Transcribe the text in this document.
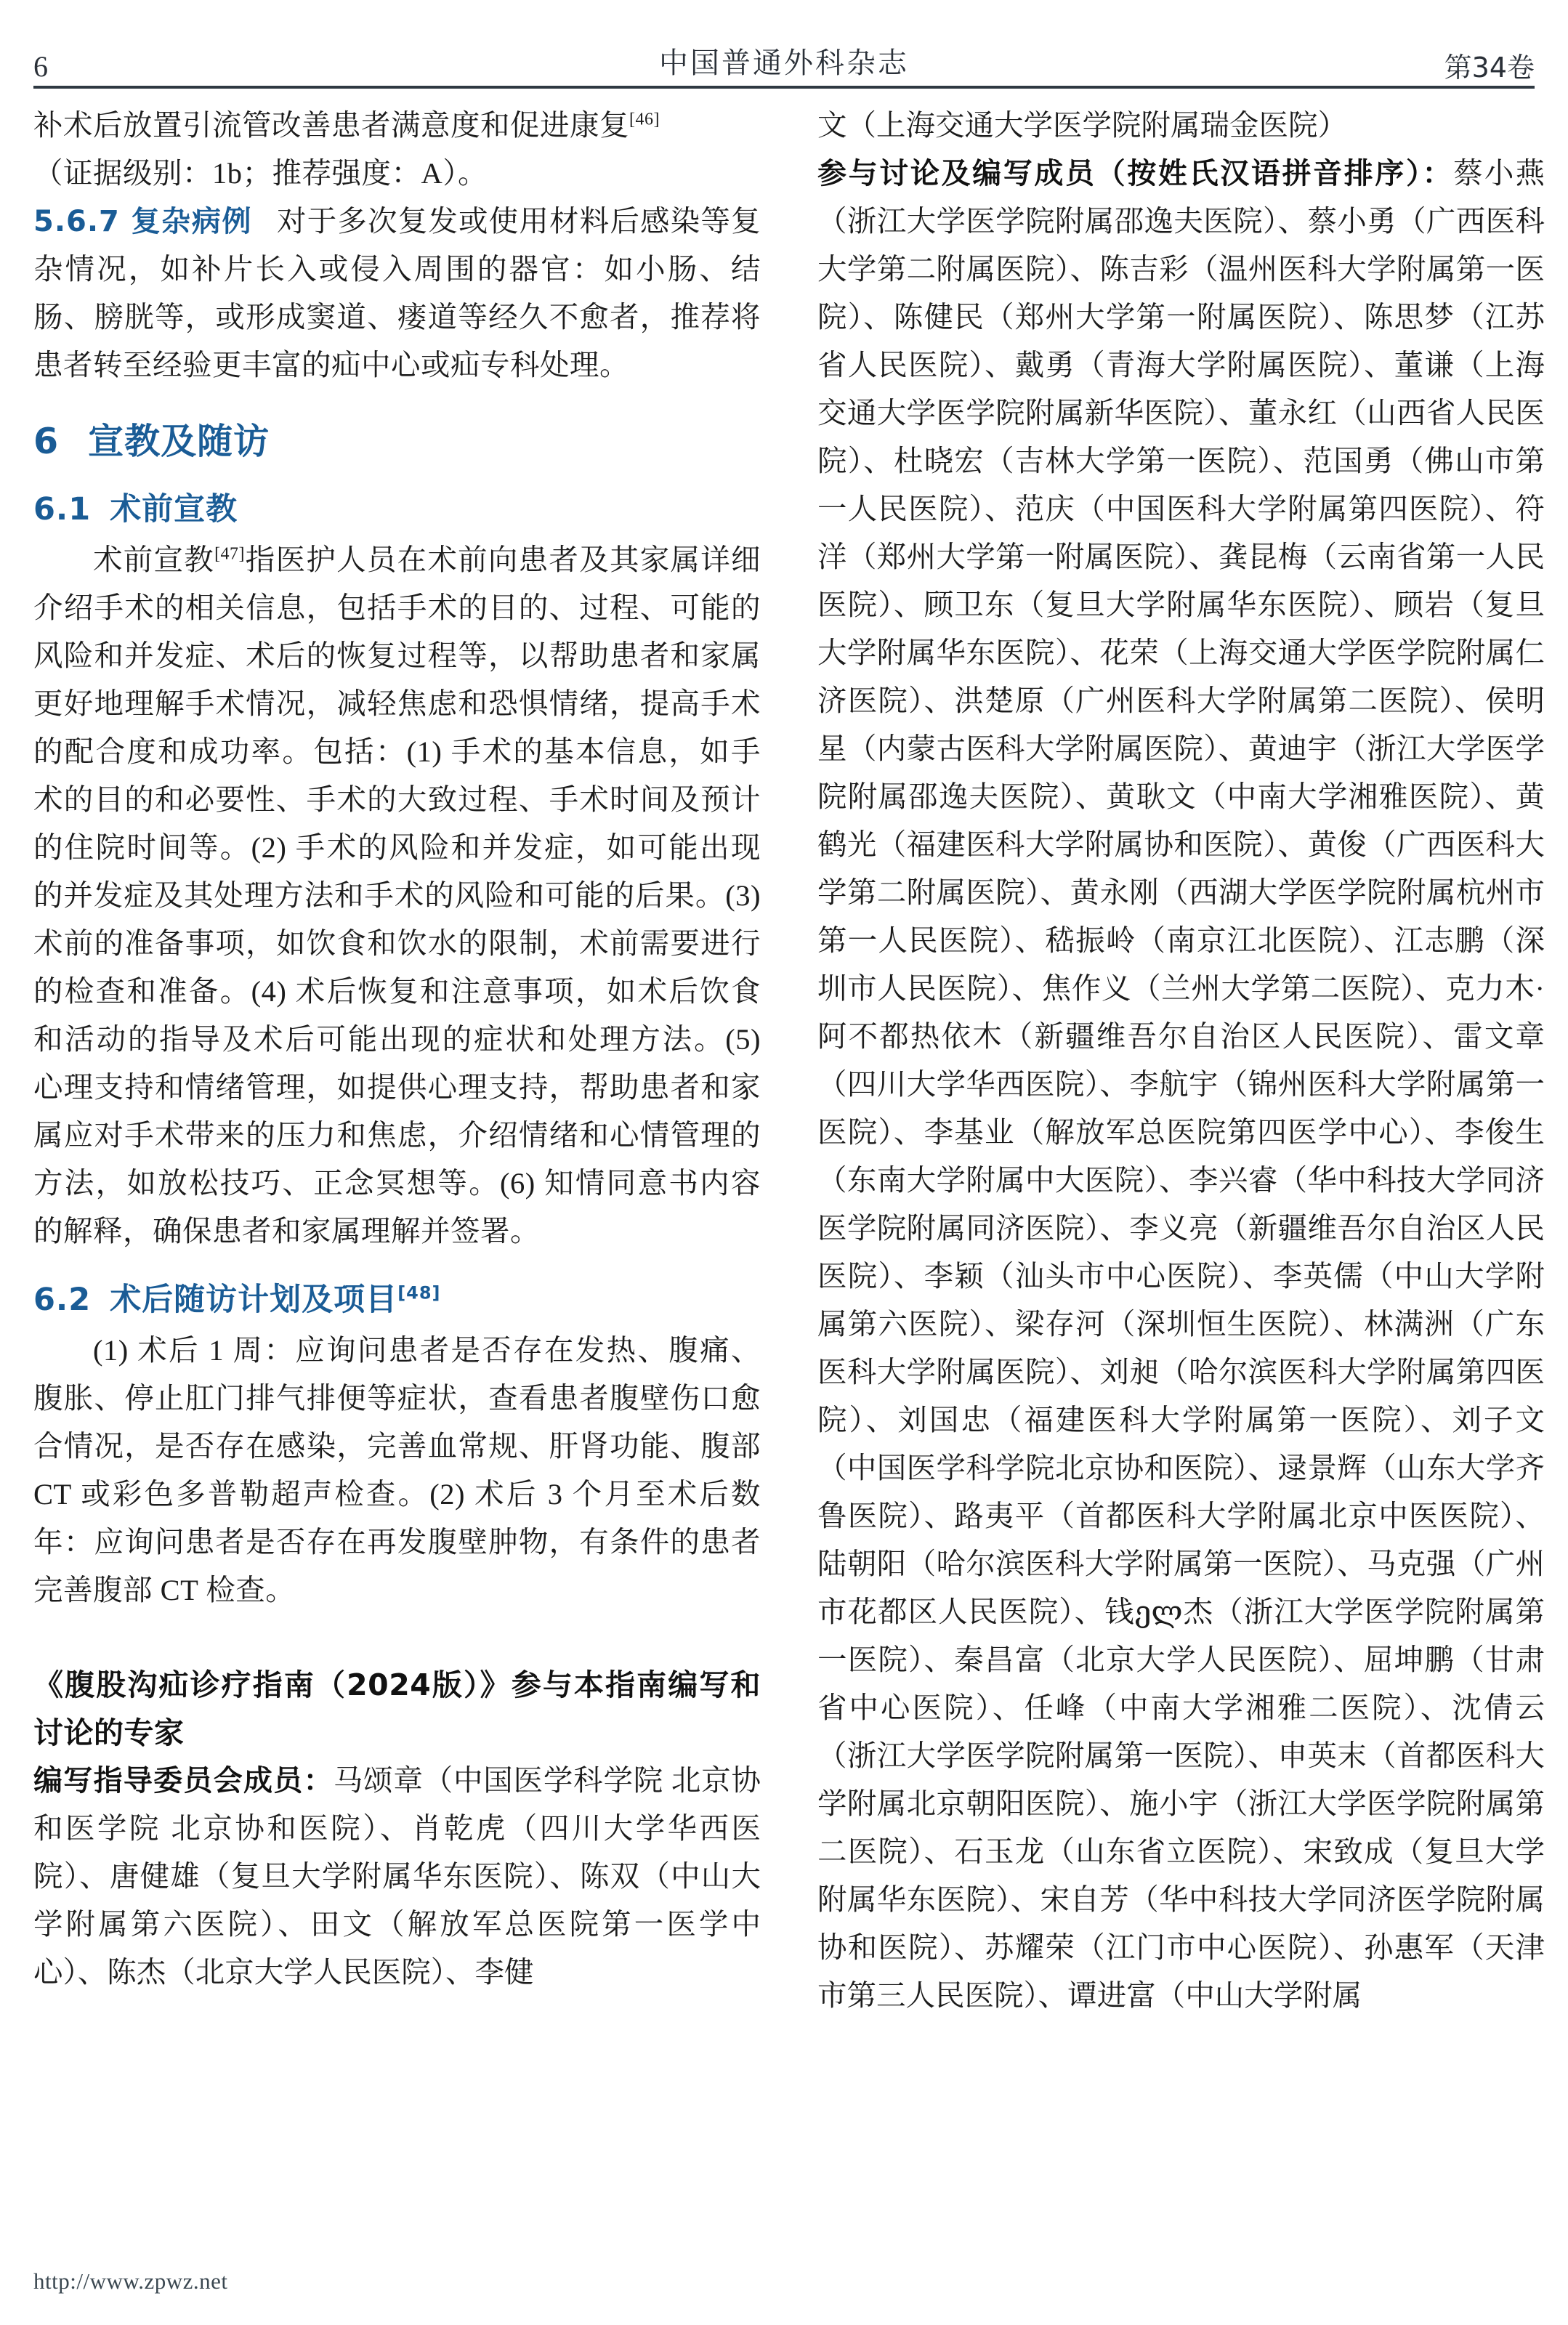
6	中国普通外科杂志	第34卷

补术后放置引流管改善患者满意度和促进康复[46]

（证据级别：1b；推荐强度：A）。

5.6.7 复杂病例 对于多次复发或使用材料后感染等复杂情况，如补片长入或侵入周围的器官：如小肠、结肠、膀胱等，或形成窦道、瘘道等经久不愈者，推荐将患者转至经验更丰富的疝中心或疝专科处理。

6 宣教及随访
6.1 术前宣教

术前宣教[47]指医护人员在术前向患者及其家属详细介绍手术的相关信息，包括手术的目的、过程、可能的风险和并发症、术后的恢复过程等，以帮助患者和家属更好地理解手术情况，减轻焦虑和恐惧情绪，提高手术的配合度和成功率。包括：(1) 手术的基本信息，如手术的目的和必要性、手术的大致过程、手术时间及预计的住院时间等。(2) 手术的风险和并发症，如可能出现的并发症及其处理方法和手术的风险和可能的后果。(3) 术前的准备事项，如饮食和饮水的限制，术前需要进行的检查和准备。(4) 术后恢复和注意事项，如术后饮食和活动的指导及术后可能出现的症状和处理方法。(5) 心理支持和情绪管理，如提供心理支持，帮助患者和家属应对手术带来的压力和焦虑，介绍情绪和心情管理的方法，如放松技巧、正念冥想等。(6) 知情同意书内容的解释，确保患者和家属理解并签署。

6.2 术后随访计划及项目[48]

(1) 术后 1 周：应询问患者是否存在发热、腹痛、腹胀、停止肛门排气排便等症状，查看患者腹壁伤口愈合情况，是否存在感染，完善血常规、肝肾功能、腹部 CT 或彩色多普勒超声检查。(2) 术后 3 个月至术后数年：应询问患者是否存在再发腹壁肿物，有条件的患者完善腹部 CT 检查。

《腹股沟疝诊疗指南（2024版）》参与本指南编写和讨论的专家

编写指导委员会成员：马颂章（中国医学科学院 北京协和医学院 北京协和医院）、肖乾虎（四川大学华西医院）、唐健雄（复旦大学附属华东医院）、陈双（中山大学附属第六医院）、田文（解放军总医院第一医学中心）、陈杰（北京大学人民医院）、李健

文（上海交通大学医学院附属瑞金医院）

参与讨论及编写成员（按姓氏汉语拼音排序）：蔡小燕（浙江大学医学院附属邵逸夫医院）、蔡小勇（广西医科大学第二附属医院）、陈吉彩（温州医科大学附属第一医院）、陈健民（郑州大学第一附属医院）、陈思梦（江苏省人民医院）、戴勇（青海大学附属医院）、董谦（上海交通大学医学院附属新华医院）、董永红（山西省人民医院）、杜晓宏（吉林大学第一医院）、范国勇（佛山市第一人民医院）、范庆（中国医科大学附属第四医院）、符洋（郑州大学第一附属医院）、龚昆梅（云南省第一人民医院）、顾卫东（复旦大学附属华东医院）、顾岩（复旦大学附属华东医院）、花荣（上海交通大学医学院附属仁济医院）、洪楚原（广州医科大学附属第二医院）、侯明星（内蒙古医科大学附属医院）、黄迪宇（浙江大学医学院附属邵逸夫医院）、黄耿文（中南大学湘雅医院）、黄鹤光（福建医科大学附属协和医院）、黄俊（广西医科大学第二附属医院）、黄永刚（西湖大学医学院附属杭州市第一人民医院）、嵇振岭（南京江北医院）、江志鹏（深圳市人民医院）、焦作义（兰州大学第二医院）、克力木·阿不都热依木（新疆维吾尔自治区人民医院）、雷文章（四川大学华西医院）、李航宇（锦州医科大学附属第一医院）、李基业（解放军总医院第四医学中心）、李俊生（东南大学附属中大医院）、李兴睿（华中科技大学同济医学院附属同济医院）、李义亮（新疆维吾尔自治区人民医院）、李颖（汕头市中心医院）、李英儒（中山大学附属第六医院）、梁存河（深圳恒生医院）、林满洲（广东医科大学附属医院）、刘昶（哈尔滨医科大学附属第四医院）、刘国忠（福建医科大学附属第一医院）、刘子文（中国医学科学院北京协和医院）、逯景辉（山东大学齐鲁医院）、路夷平（首都医科大学附属北京中医医院）、陆朝阳（哈尔滨医科大学附属第一医院）、马克强（广州市花都区人民医院）、钱ელ杰（浙江大学医学院附属第一医院）、秦昌富（北京大学人民医院）、屈坤鹏（甘肃省中心医院）、任峰（中南大学湘雅二医院）、沈倩云（浙江大学医学院附属第一医院）、申英末（首都医科大学附属北京朝阳医院）、施小宇（浙江大学医学院附属第二医院）、石玉龙（山东省立医院）、宋致成（复旦大学附属华东医院）、宋自芳（华中科技大学同济医学院附属协和医院）、苏耀荣（江门市中心医院）、孙惠军（天津市第三人民医院）、谭进富（中山大学附属

http://www.zpwz.net
